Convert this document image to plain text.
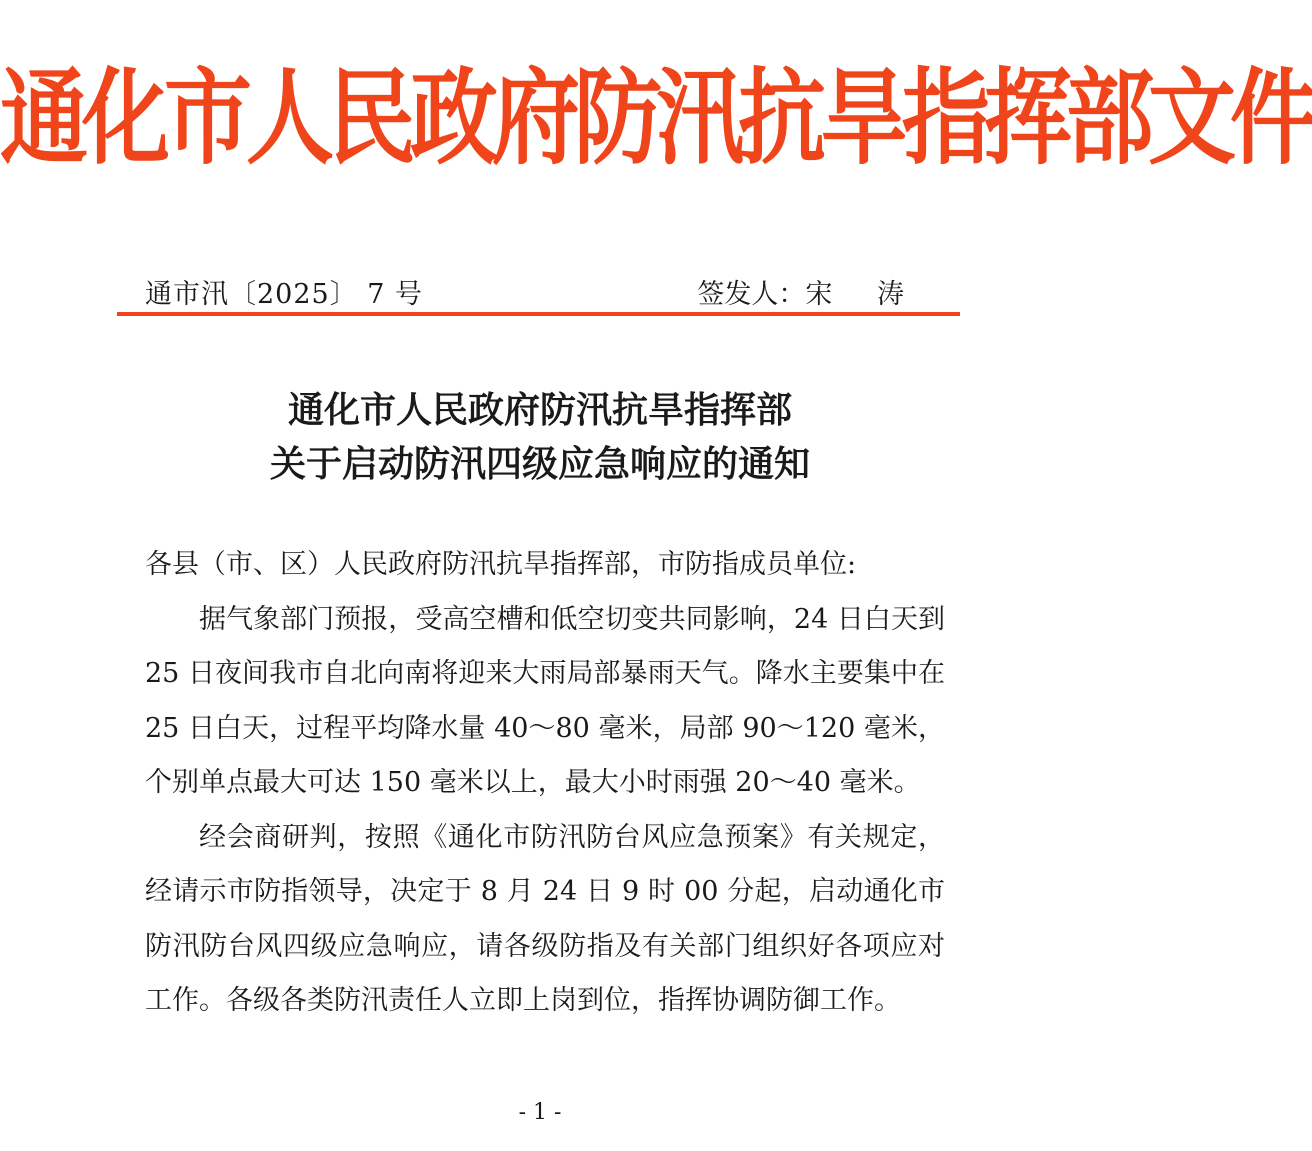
通化市人民政府防汛抗旱指挥部文件
通市汛〔2025〕 7 号	签发人：宋 涛
通化市人民政府防汛抗旱指挥部
关于启动防汛四级应急响应的通知

各县（市、区）人民政府防汛抗旱指挥部，市防指成员单位:

据气象部门预报，受高空槽和低空切变共同影响，24 日白天到 25 日夜间我市自北向南将迎来大雨局部暴雨天气。降水主要集中在 25 日白天，过程平均降水量 40～80 毫米，局部 90～120 毫米，个别单点最大可达 150 毫米以上，最大小时雨强 20～40 毫米。

经会商研判，按照《通化市防汛防台风应急预案》有关规定，经请示市防指领导，决定于 8 月 24 日 9 时 00 分起，启动通化市防汛防台风四级应急响应，请各级防指及有关部门组织好各项应对工作。各级各类防汛责任人立即上岗到位，指挥协调防御工作。

- 1 -
